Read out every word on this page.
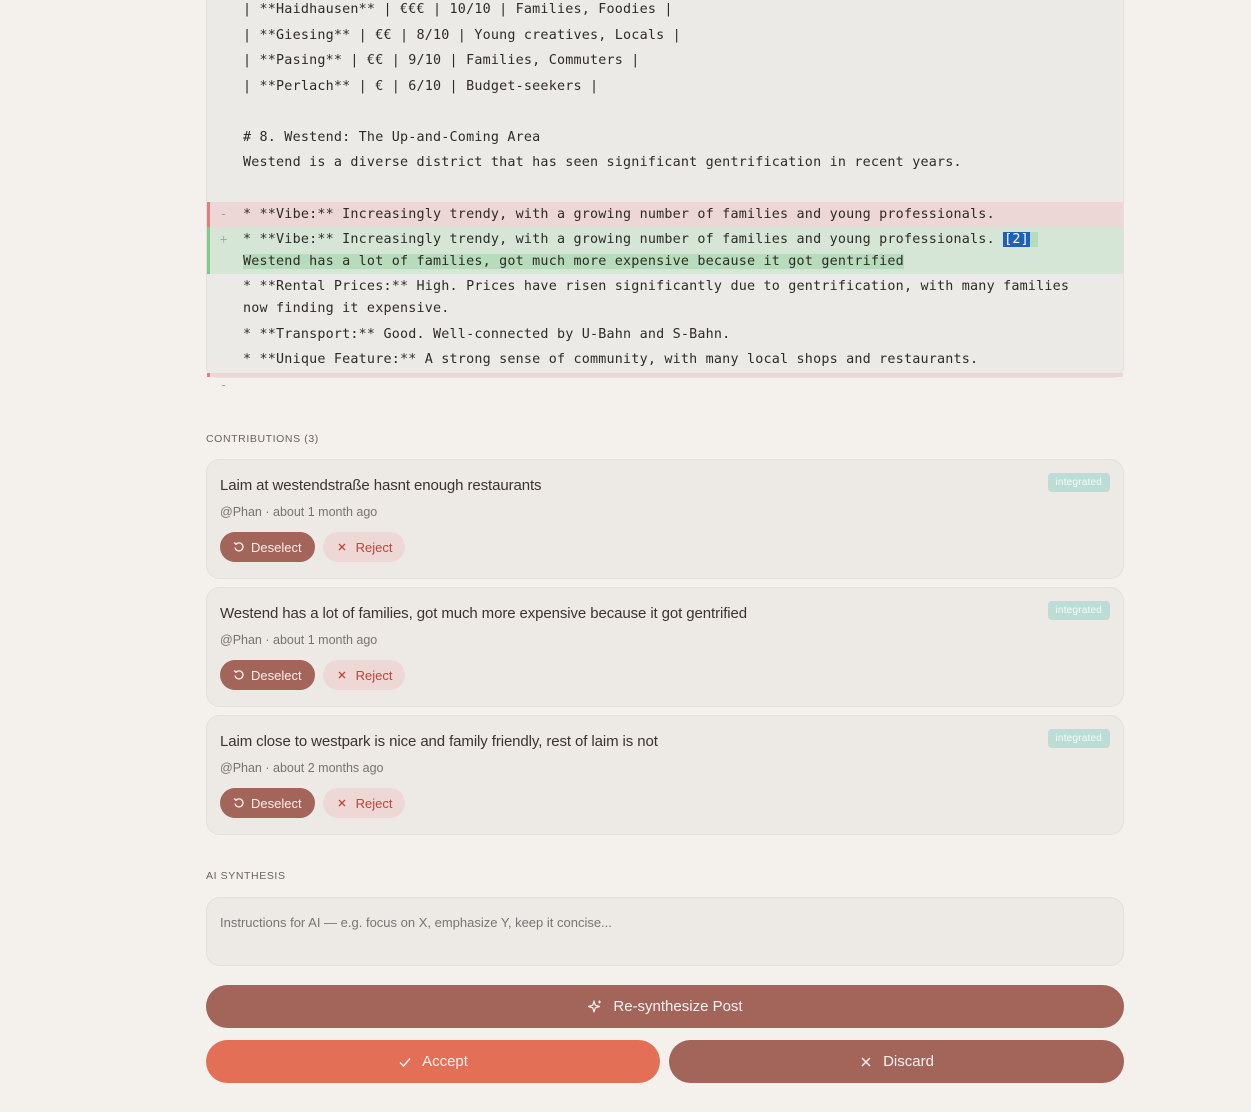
| **Haidhausen** | €€€ | 10/10 | Families, Foodies |
| **Giesing** | €€ | 8/10 | Young creatives, Locals |
| **Pasing** | €€ | 9/10 | Families, Commuters |
| **Perlach** | € | 6/10 | Budget-seekers |
# 8. Westend: The Up-and-Coming Area
Westend is a diverse district that has seen significant gentrification in recent years.
- * **Vibe:** Increasingly trendy, with a growing number of families and young professionals.
+ * **Vibe:** Increasingly trendy, with a growing number of families and young professionals. [2] Westend has a lot of families, got much more expensive because it got gentrified
* **Rental Prices:** High. Prices have risen significantly due to gentrification, with many families now finding it expensive.
* **Transport:** Good. Well-connected by U-Bahn and S-Bahn.
* **Unique Feature:** A strong sense of community, with many local shops and restaurants.
-
CONTRIBUTIONS (3)
Laim at westendstraße hasnt enough restaurants
@Phan · about 1 month ago
integrated
Deselect	Reject
Westend has a lot of families, got much more expensive because it got gentrified
@Phan · about 1 month ago
integrated
Deselect	Reject
Laim close to westpark is nice and family friendly, rest of laim is not
@Phan · about 2 months ago
integrated
Deselect	Reject
AI SYNTHESIS
Instructions for AI — e.g. focus on X, emphasize Y, keep it concise...
Re-synthesize Post
Accept	Discard
